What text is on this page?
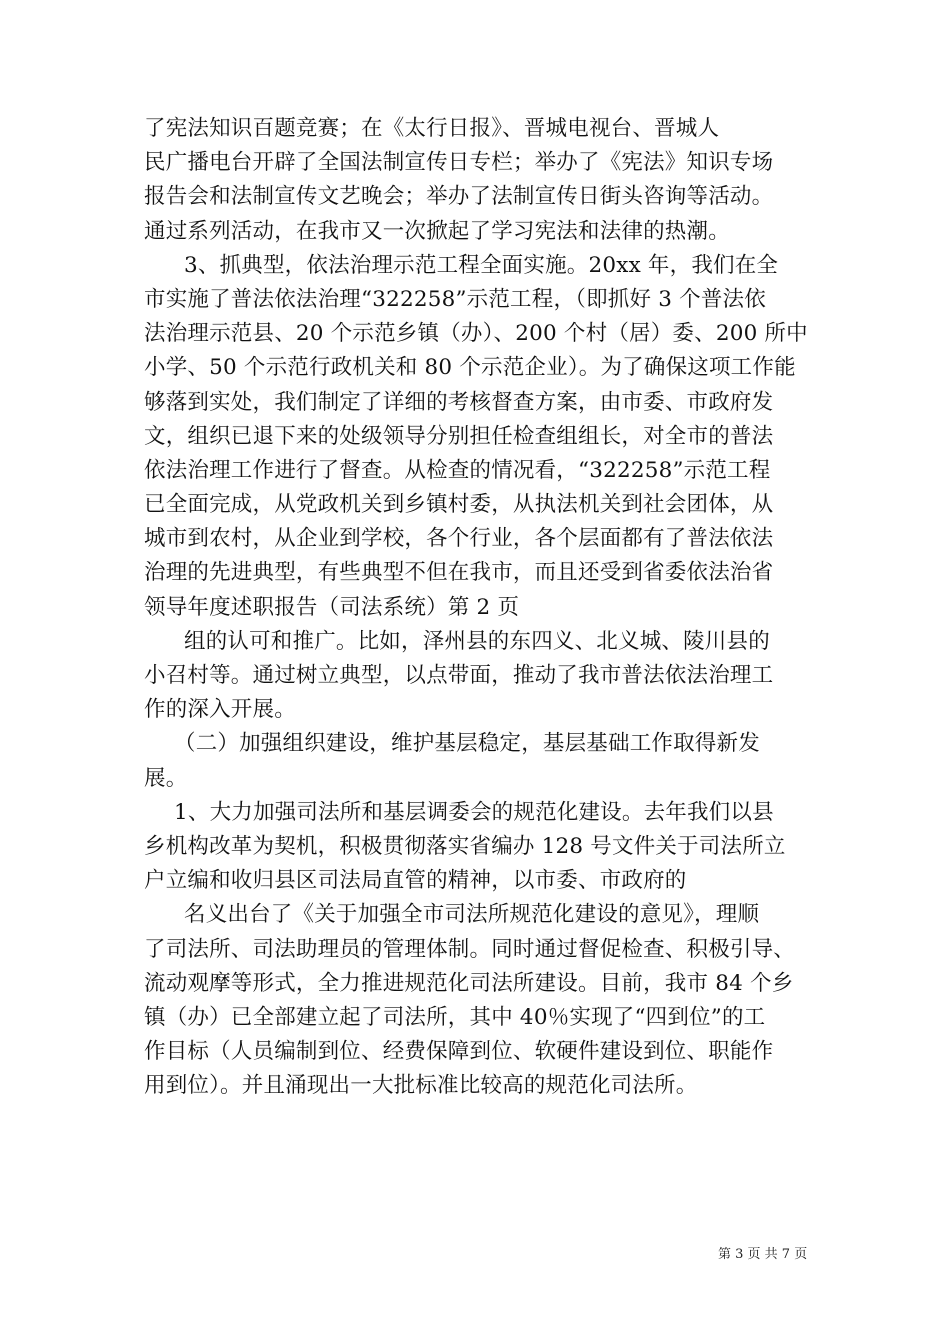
了宪法知识百题竞赛；在《太行日报》、晋城电视台、晋城人
民广播电台开辟了全国法制宣传日专栏；举办了《宪法》知识专场
报告会和法制宣传文艺晚会；举办了法制宣传日街头咨询等活动。
通过系列活动，在我市又一次掀起了学习宪法和法律的热潮。
3、抓典型，依法治理示范工程全面实施。20xx 年，我们在全
市实施了普法依法治理“322258”示范工程，（即抓好 3 个普法依
法治理示范县、20 个示范乡镇（办）、200 个村（居）委、200 所中
小学、50 个示范行政机关和 80 个示范企业）。为了确保这项工作能
够落到实处，我们制定了详细的考核督查方案，由市委、市政府发
文，组织已退下来的处级领导分别担任检查组组长，对全市的普法
依法治理工作进行了督查。从检查的情况看，“322258”示范工程
已全面完成，从党政机关到乡镇村委，从执法机关到社会团体，从
城市到农村，从企业到学校，各个行业，各个层面都有了普法依法
治理的先进典型，有些典型不但在我市，而且还受到省委依法治省
领导年度述职报告（司法系统）第 2 页
组的认可和推广。比如，泽州县的东四义、北义城、陵川县的
小召村等。通过树立典型，以点带面，推动了我市普法依法治理工
作的深入开展。
（二）加强组织建设，维护基层稳定，基层基础工作取得新发
展。
1、大力加强司法所和基层调委会的规范化建设。去年我们以县
乡机构改革为契机，积极贯彻落实省编办 128 号文件关于司法所立
户立编和收归县区司法局直管的精神，以市委、市政府的
名义出台了《关于加强全市司法所规范化建设的意见》，理顺
了司法所、司法助理员的管理体制。同时通过督促检查、积极引导、
流动观摩等形式，全力推进规范化司法所建设。目前，我市 84 个乡
镇（办）已全部建立起了司法所，其中 40％实现了“四到位”的工
作目标（人员编制到位、经费保障到位、软硬件建设到位、职能作
用到位）。并且涌现出一大批标准比较高的规范化司法所。
第 3 页 共 7 页
